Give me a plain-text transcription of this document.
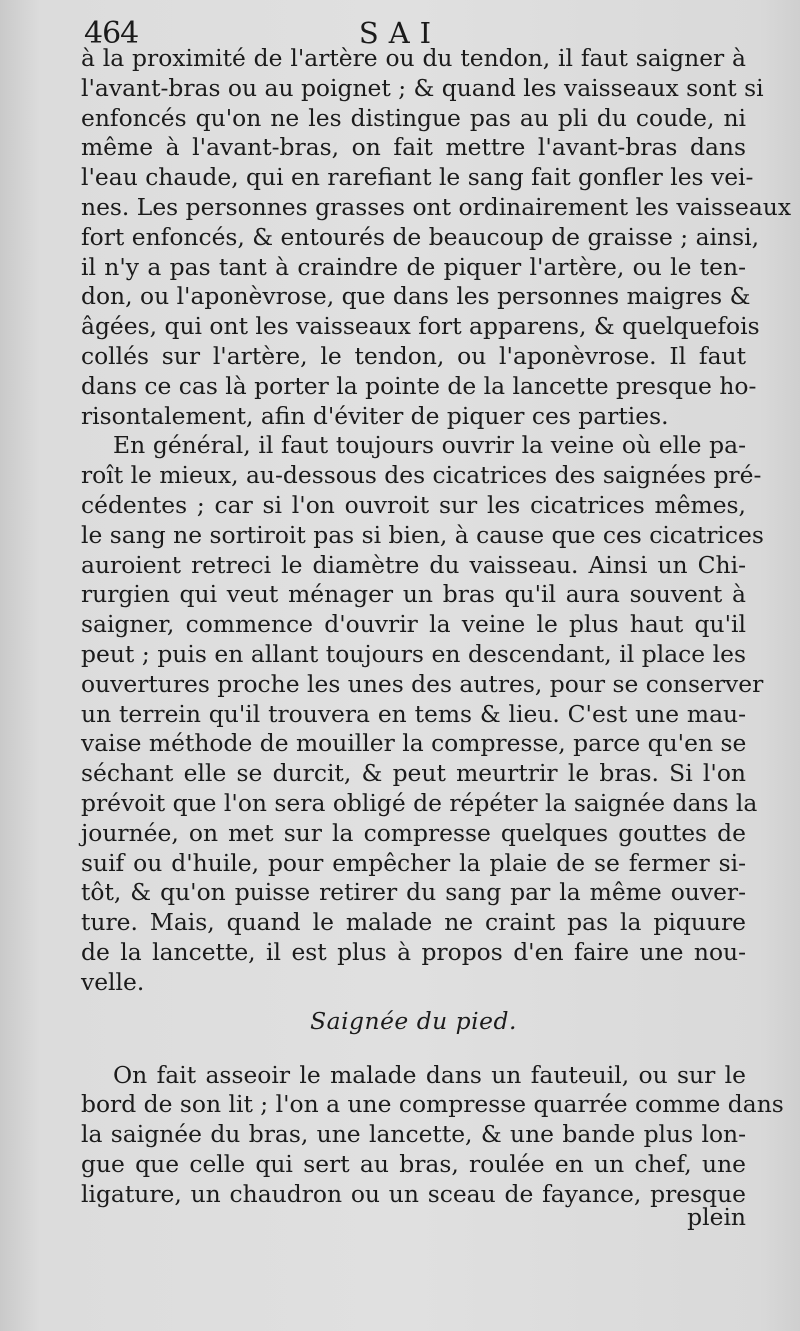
464	SAI
à la proximité de l'artère ou du tendon, il faut saigner à
l'avant-bras ou au poignet ; & quand les vaisseaux sont si
enfoncés qu'on ne les distingue pas au pli du coude, ni
même à l'avant-bras, on fait mettre l'avant-bras dans
l'eau chaude, qui en rarefiant le sang fait gonfler les vei-
nes. Les personnes grasses ont ordinairement les vaisseaux
fort enfoncés, & entourés de beaucoup de graisse ; ainsi,
il n'y a pas tant à craindre de piquer l'artère, ou le ten-
don, ou l'aponèvrose, que dans les personnes maigres &
âgées, qui ont les vaisseaux fort apparens, & quelquefois
collés sur l'artère, le tendon, ou l'aponèvrose. Il faut
dans ce cas là porter la pointe de la lancette presque ho-
risontalement, afin d'éviter de piquer ces parties.
En général, il faut toujours ouvrir la veine où elle pa-
roît le mieux, au-dessous des cicatrices des saignées pré-
cédentes ; car si l'on ouvroit sur les cicatrices mêmes,
le sang ne sortiroit pas si bien, à cause que ces cicatrices
auroient retreci le diamètre du vaisseau. Ainsi un Chi-
rurgien qui veut ménager un bras qu'il aura souvent à
saigner, commence d'ouvrir la veine le plus haut qu'il
peut ; puis en allant toujours en descendant, il place les
ouvertures proche les unes des autres, pour se conserver
un terrein qu'il trouvera en tems & lieu. C'est une mau-
vaise méthode de mouiller la compresse, parce qu'en se
séchant elle se durcit, & peut meurtrir le bras. Si l'on
prévoit que l'on sera obligé de répéter la saignée dans la
journée, on met sur la compresse quelques gouttes de
suif ou d'huile, pour empêcher la plaie de se fermer si-
tôt, & qu'on puisse retirer du sang par la même ouver-
ture. Mais, quand le malade ne craint pas la piquure
de la lancette, il est plus à propos d'en faire une nou-
velle.
Saignée du pied.
On fait asseoir le malade dans un fauteuil, ou sur le
bord de son lit ; l'on a une compresse quarrée comme dans
la saignée du bras, une lancette, & une bande plus lon-
gue que celle qui sert au bras, roulée en un chef, une
ligature, un chaudron ou un sceau de fayance, presque
plein
